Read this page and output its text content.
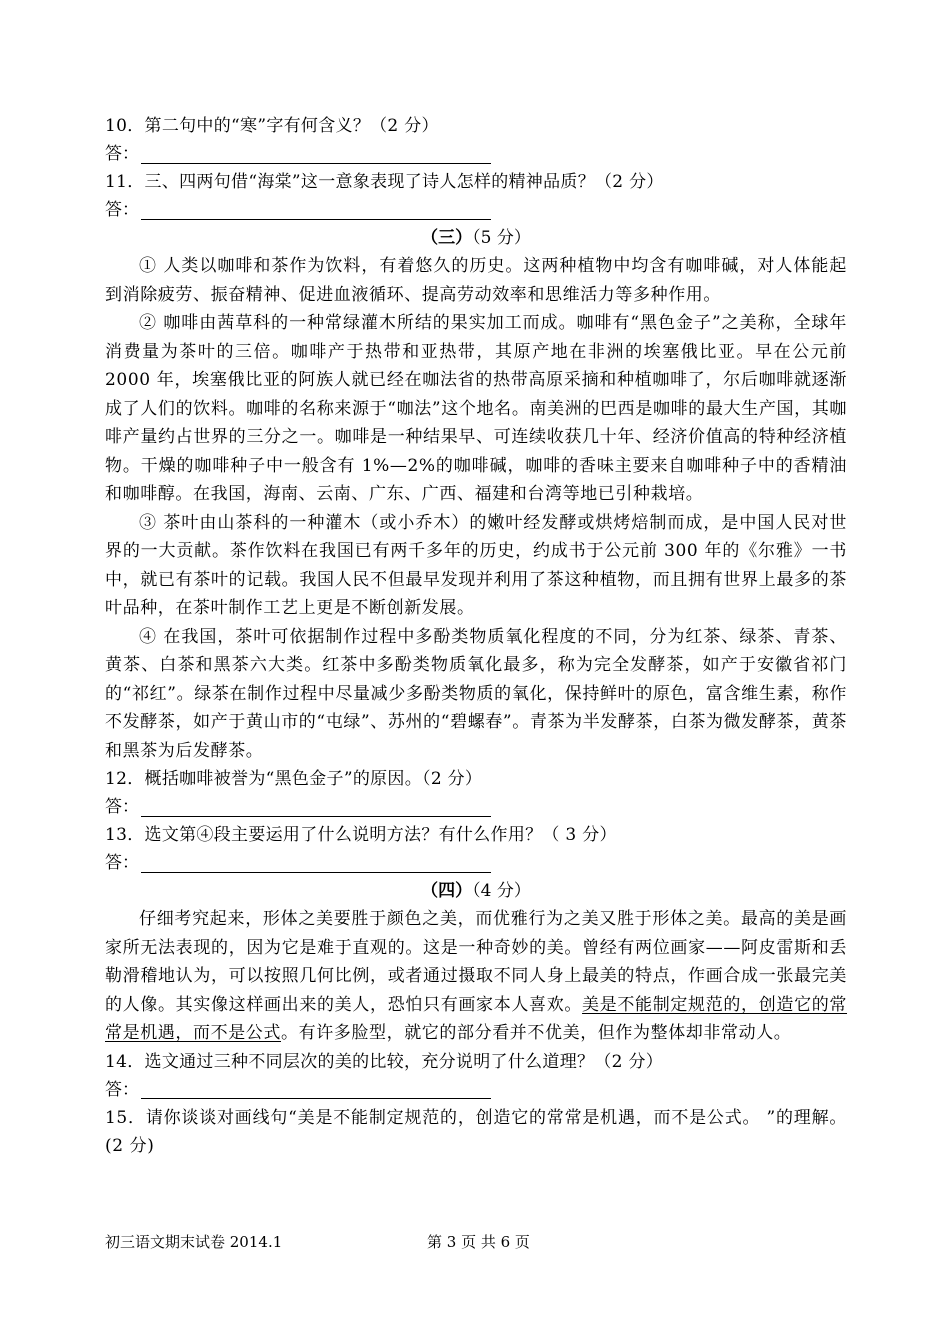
10．第二句中的“寒”字有何含义？（2 分）
答：
11．三、四两句借“海棠”这一意象表现了诗人怎样的精神品质？（2 分）
答：
（三）（5 分）

① 人类以咖啡和茶作为饮料，有着悠久的历史。这两种植物中均含有咖啡碱，对人体能起到消除疲劳、振奋精神、促进血液循环、提高劳动效率和思维活力等多种作用。

② 咖啡由茜草科的一种常绿灌木所结的果实加工而成。咖啡有“黑色金子”之美称，全球年消费量为茶叶的三倍。咖啡产于热带和亚热带，其原产地在非洲的埃塞俄比亚。早在公元前 2000 年，埃塞俄比亚的阿族人就已经在咖法省的热带高原采摘和种植咖啡了，尔后咖啡就逐渐成了人们的饮料。咖啡的名称来源于“咖法”这个地名。南美洲的巴西是咖啡的最大生产国，其咖啡产量约占世界的三分之一。咖啡是一种结果早、可连续收获几十年、经济价值高的特种经济植物。干燥的咖啡种子中一般含有 1%—2%的咖啡碱，咖啡的香味主要来自咖啡种子中的香精油和咖啡醇。在我国，海南、云南、广东、广西、福建和台湾等地已引种栽培。

③ 茶叶由山茶科的一种灌木（或小乔木）的嫩叶经发酵或烘烤焙制而成，是中国人民对世界的一大贡献。茶作饮料在我国已有两千多年的历史，约成书于公元前 300 年的《尔雅》一书中，就已有茶叶的记载。我国人民不但最早发现并利用了茶这种植物，而且拥有世界上最多的茶叶品种，在茶叶制作工艺上更是不断创新发展。

④ 在我国，茶叶可依据制作过程中多酚类物质氧化程度的不同，分为红茶、绿茶、青茶、黄茶、白茶和黑茶六大类。红茶中多酚类物质氧化最多，称为完全发酵茶，如产于安徽省祁门的“祁红”。绿茶在制作过程中尽量减少多酚类物质的氧化，保持鲜叶的原色，富含维生素，称作不发酵茶，如产于黄山市的“屯绿”、苏州的“碧螺春”。青茶为半发酵茶，白茶为微发酵茶，黄茶和黑茶为后发酵茶。

12．概括咖啡被誉为“黑色金子”的原因。（2 分）
答：
13．选文第④段主要运用了什么说明方法？有什么作用？（ 3 分）
答：
（四）（4 分）

仔细考究起来，形体之美要胜于颜色之美，而优雅行为之美又胜于形体之美。最高的美是画家所无法表现的，因为它是难于直观的。这是一种奇妙的美。曾经有两位画家——阿皮雷斯和丢勒滑稽地认为，可以按照几何比例，或者通过摄取不同人身上最美的特点，作画合成一张最完美的人像。其实像这样画出来的美人，恐怕只有画家本人喜欢。美是不能制定规范的，创造它的常常是机遇，而不是公式。有许多脸型，就它的部分看并不优美，但作为整体却非常动人。

14．选文通过三种不同层次的美的比较，充分说明了什么道理？（2 分）
答：
15．请你谈谈对画线句“美是不能制定规范的，创造它的常常是机遇，而不是公式。 ”的理解。 (2 分)
初三语文期末试卷 2014.1	第 3 页 共 6 页
